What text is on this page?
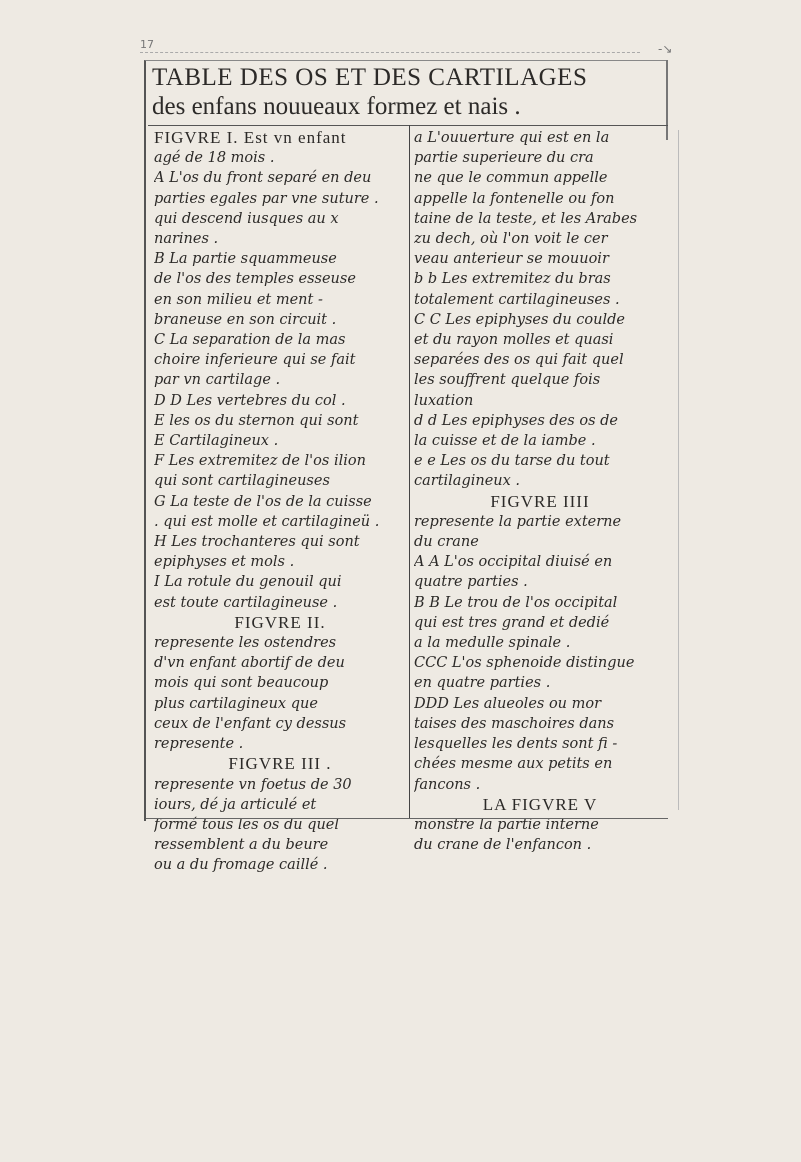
17	-↘
TABLE DES OS ET DES CARTILAGES
des enfans nouueaux formez et nais .
FIGVRE I. Est vn enfant
agé de 18 mois .
A L'os du front separé en deu
parties egales par vne suture .
qui descend iusques au x
narines .
B La partie squammeuse
de l'os des temples esseuse
en son milieu et ment -
braneuse en son circuit .
C La separation de la mas
choire inferieure qui se fait
par vn cartilage .
D D Les vertebres du col .
E les os du sternon qui sont
E Cartilagineux .
F Les extremitez de l'os ilion
qui sont cartilagineuses
G La teste de l'os de la cuisse
. qui est molle et cartilagineü .
H Les trochanteres qui sont
epiphyses et mols .
I La rotule du genouil qui
est toute cartilagineuse .
FIGVRE II.
represente les ostendres
d'vn enfant abortif de deu
mois qui sont beaucoup
plus cartilagineux que
ceux de l'enfant cy dessus
represente .
FIGVRE III .
represente vn foetus de 30
iours, dé ja articulé et
formé tous les os du quel
ressemblent a du beure
ou a du fromage caillé .
a L'ouuerture qui est en la
partie superieure du cra
ne que le commun appelle
appelle la fontenelle ou fon
taine de la teste, et les Arabes
zu dech, où l'on voit le cer
veau anterieur se mouuoir
b b Les extremitez du bras
totalement cartilagineuses .
C C Les epiphyses du coulde
et du rayon molles et quasi
separées des os qui fait quel
les souffrent quelque fois
luxation
d d Les epiphyses des os de
la cuisse et de la iambe .
e e Les os du tarse du tout
cartilagineux .
FIGVRE IIII
represente la partie externe
du crane
A A L'os occipital diuisé en
quatre parties .
B B Le trou de l'os occipital
qui est tres grand et dedié
a la medulle spinale .
CCC L'os sphenoide distingue
en quatre parties .
DDD Les alueoles ou mor
taises des maschoires dans
lesquelles les dents sont fi -
chées mesme aux petits en
fancons .
LA FIGVRE V
monstre la partie interne
du crane de l'enfancon .
